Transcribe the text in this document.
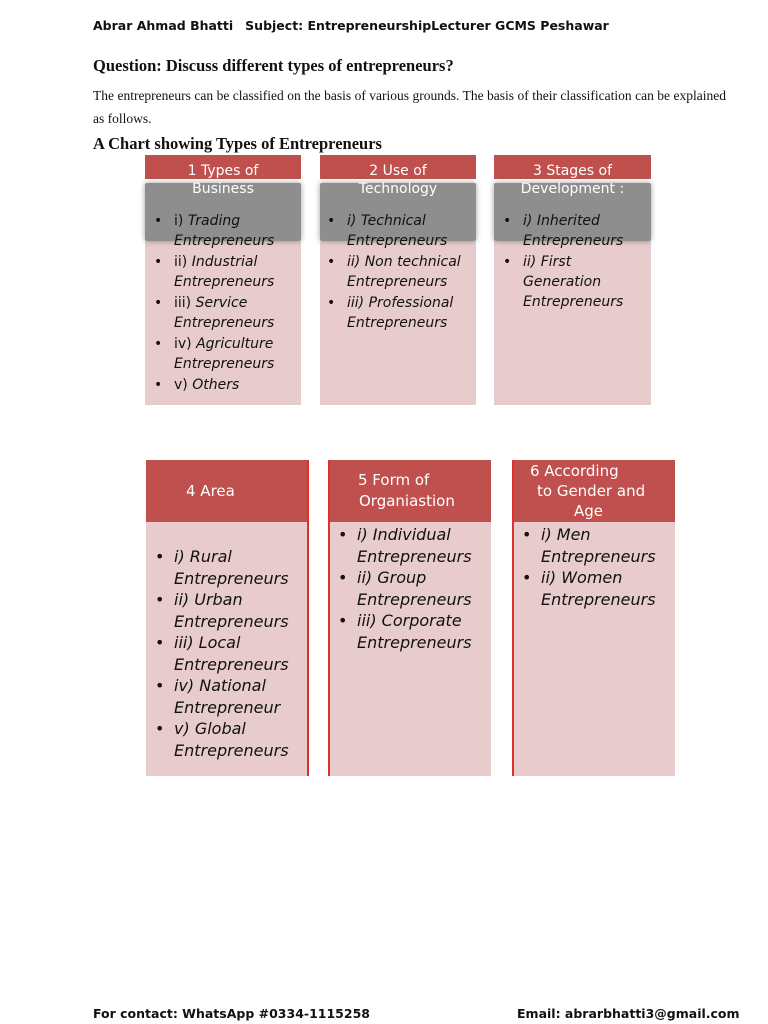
Abrar Ahmad Bhatti Subject: EntrepreneurshipLecturer GCMS Peshawar
Question: Discuss different types of entrepreneurs?
The entrepreneurs can be classified on the basis of various grounds. The basis of their classification can be explained as follows.
A Chart showing Types of Entrepreneurs
1 Types of
Business
• i) Trading Entrepreneurs
• ii) Industrial Entrepreneurs
• iii) Service Entrepreneurs
• iv) Agriculture Entrepreneurs
• v) Others
2 Use of
Technology
• i) Technical Entrepreneurs
• ii) Non technical Entrepreneurs
• iii) Professional Entrepreneurs
3 Stages of
Development :
• i) Inherited Entrepreneurs
• ii) First Generation Entrepreneurs
4 Area
• i) Rural Entrepreneurs
• ii) Urban Entrepreneurs
• iii) Local Entrepreneurs
• iv) National Entrepreneur
• v) Global Entrepreneurs
5 Form of
Organiastion
• i) Individual Entrepreneurs
• ii) Group Entrepreneurs
• iii) Corporate Entrepreneurs
6 According
to Gender and
Age
• i) Men Entrepreneurs
• ii) Women Entrepreneurs
For contact: WhatsApp #0334-1115258	Email: abrarbhatti3@gmail.com
